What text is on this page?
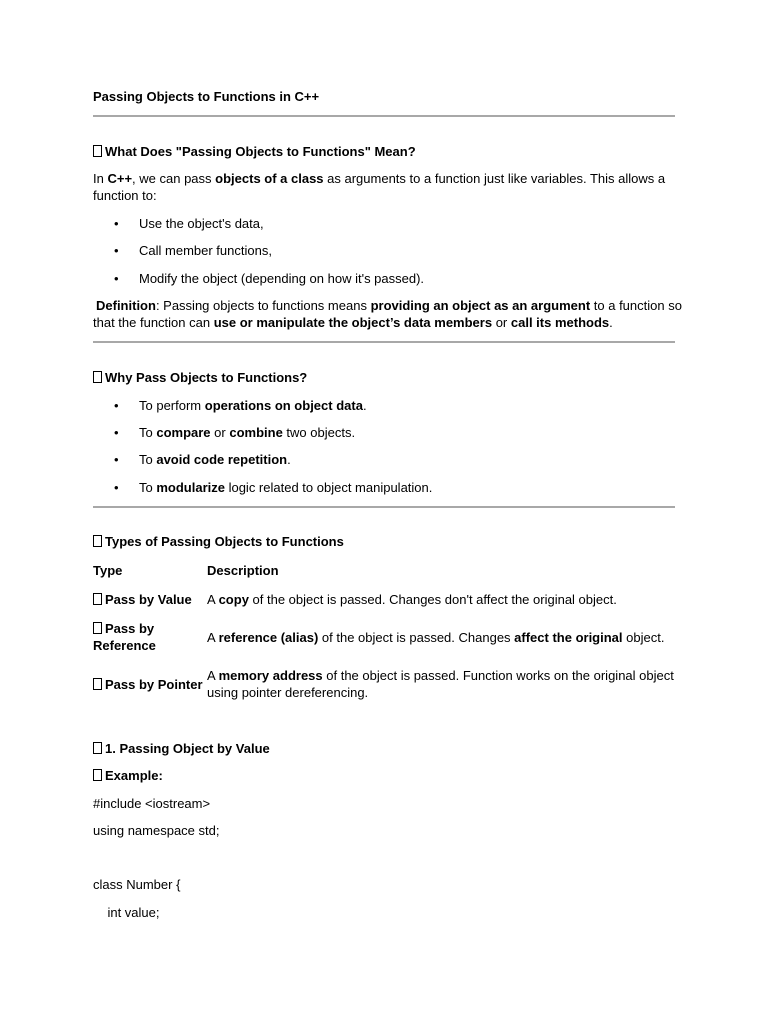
Passing Objects to Functions in C++
What Does "Passing Objects to Functions" Mean?
In C++, we can pass objects of a class as arguments to a function just like variables. This allows a
function to:
• Use the object's data,
• Call member functions,
• Modify the object (depending on how it's passed).
Definition: Passing objects to functions means providing an object as an argument to a function so
that the function can use or manipulate the object’s data members or call its methods.
Why Pass Objects to Functions?
• To perform operations on object data.
• To compare or combine two objects.
• To avoid code repetition.
• To modularize logic related to object manipulation.
Types of Passing Objects to Functions
Type	Description
Pass by Value A copy of the object is passed. Changes don't affect the original object.
Pass by
Reference
A reference (alias) of the object is passed. Changes affect the original object.
Pass by Pointer
A memory address of the object is passed. Function works on the original object
using pointer dereferencing.
1. Passing Object by Value
Example:
#include <iostream>
using namespace std;
class Number {
int value;
